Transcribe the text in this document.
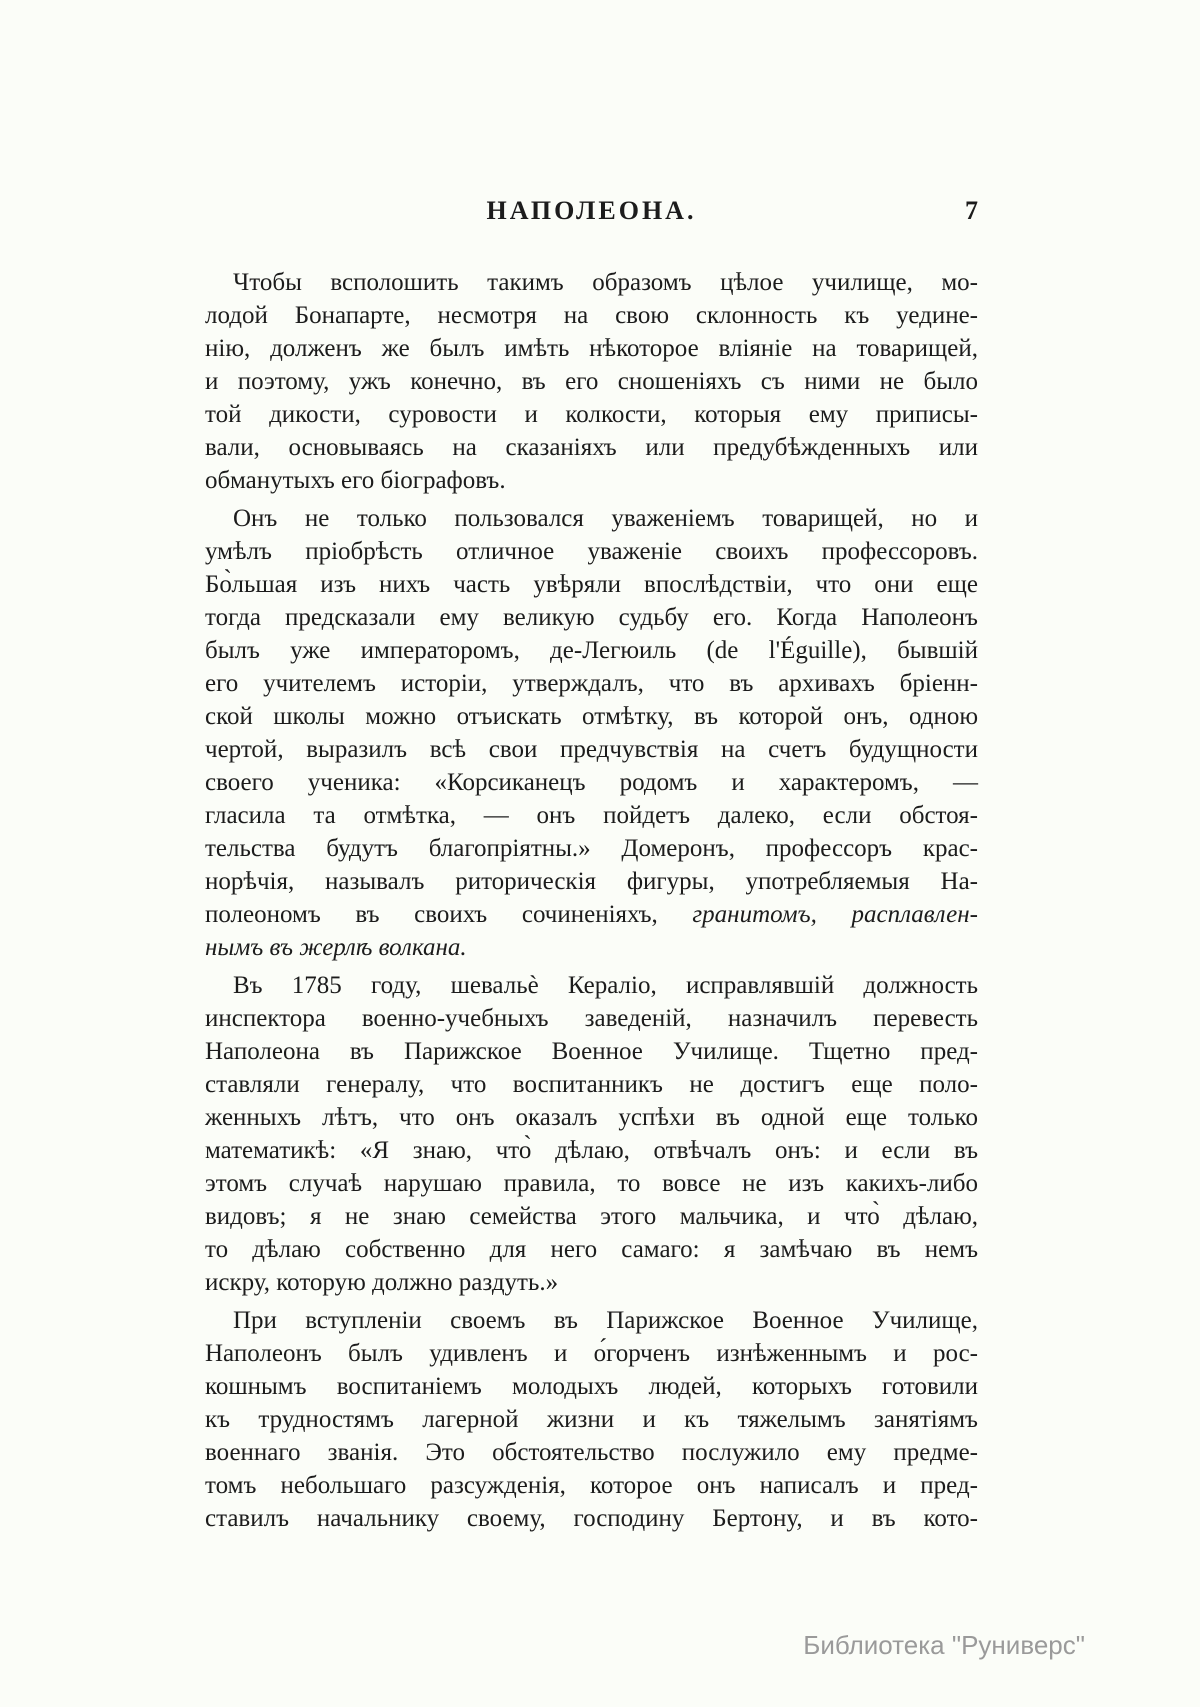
НАПОЛЕОНА.	7
Чтобы всполошить такимъ образомъ цѣлое училище, мо-
лодой Бонапарте, несмотря на свою склонность къ уедине-
нію, долженъ же былъ имѣть нѣкоторое вліяніе на товарищей,
и поэтому, ужъ конечно, въ его сношеніяхъ съ ними не было
той дикости, суровости и колкости, которыя ему приписы-
вали, основываясь на сказаніяхъ или предубѣжденныхъ или
обманутыхъ его біографовъ.
Онъ не только пользовался уваженіемъ товарищей, но и
умѣлъ пріобрѣсть отличное уваженіе своихъ профессоровъ.
Бо̀льшая изъ нихъ часть увѣряли впослѣдствіи, что они еще
тогда предсказали ему великую судьбу его. Когда Наполеонъ
былъ уже императоромъ, де-Легюиль (de l'Éguille), бывшій
его учителемъ исторіи, утверждалъ, что въ архивахъ бріенн-
ской школы можно отъискать отмѣтку, въ которой онъ, одною
чертой, выразилъ всѣ свои предчувствія на счетъ будущности
своего ученика: «Корсиканецъ родомъ и характеромъ, —
гласила та отмѣтка, — онъ пойдетъ далеко, если обстоя-
тельства будутъ благопріятны.» Домеронъ, профессоръ крас-
норѣчія, называлъ риторическія фигуры, употребляемыя На-
полеономъ въ своихъ сочиненіяхъ, гранитомъ, расплавлен-
нымъ въ жерлѣ волкана.
Въ 1785 году, шевальѐ Кераліо, исправлявшій должность
инспектора военно-учебныхъ заведеній, назначилъ перевесть
Наполеона въ Парижское Военное Училище. Тщетно пред-
ставляли генералу, что воспитанникъ не достигъ еще поло-
женныхъ лѣтъ, что онъ оказалъ успѣхи въ одной еще только
математикѣ: «Я знаю, что̀ дѣлаю, отвѣчалъ онъ: и если въ
этомъ случаѣ нарушаю правила, то вовсе не изъ какихъ-либо
видовъ; я не знаю семейства этого мальчика, и что̀ дѣлаю,
то дѣлаю собственно для него самаго: я замѣчаю въ немъ
искру, которую должно раздуть.»
При вступленіи своемъ въ Парижское Военное Училище,
Наполеонъ былъ удивленъ и о́горченъ изнѣженнымъ и рос-
кошнымъ воспитаніемъ молодыхъ людей, которыхъ готовили
къ трудностямъ лагерной жизни и къ тяжелымъ занятіямъ
военнаго званія. Это обстоятельство послужило ему предме-
томъ небольшаго разсужденія, которое онъ написалъ и пред-
ставилъ начальнику своему, господину Бертону, и въ кото-
Библиотека "Руниверс"
